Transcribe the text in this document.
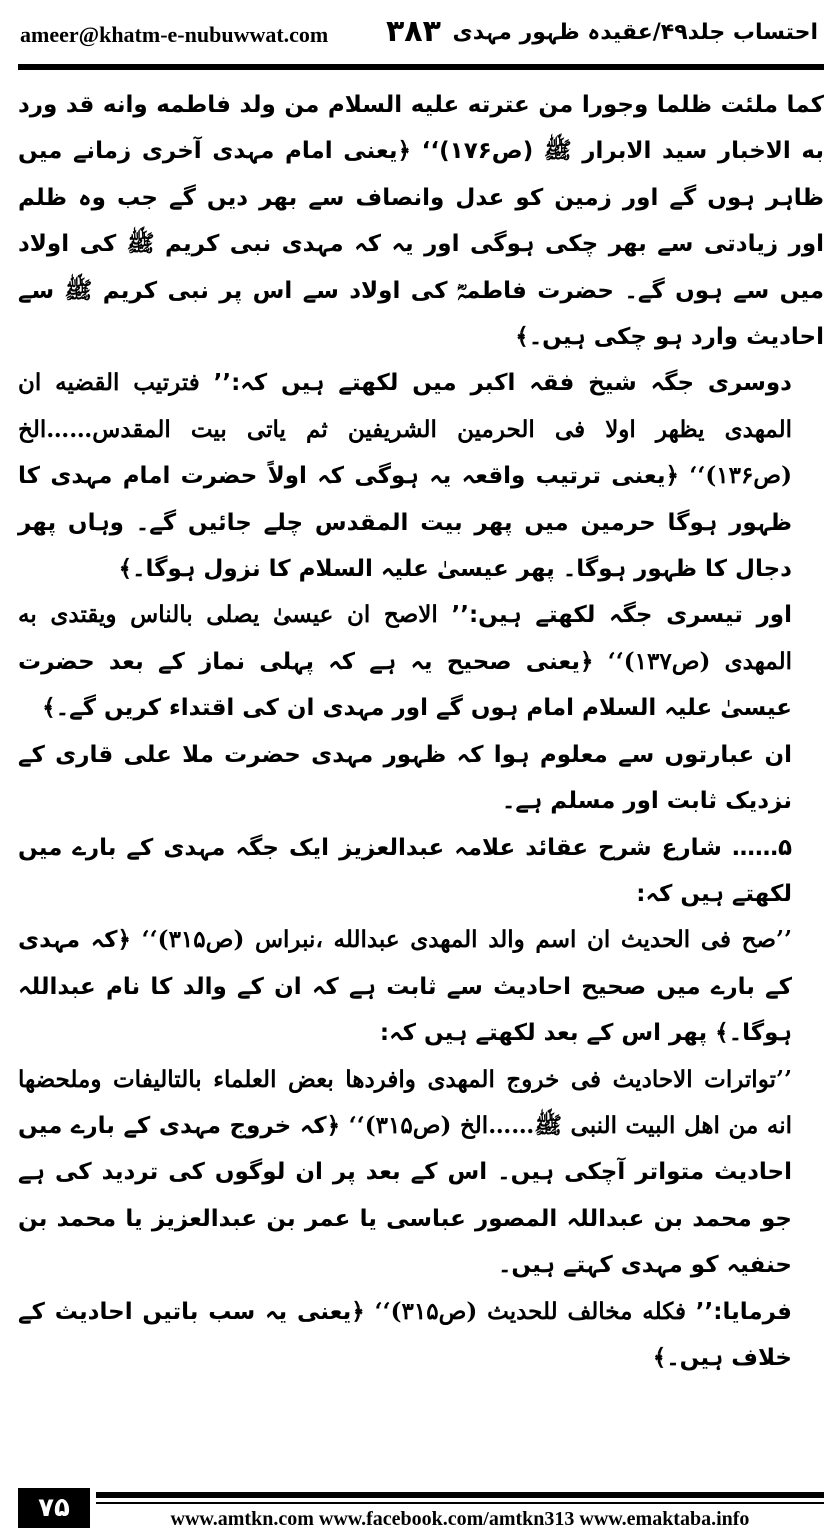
ameer@khatm-e-nubuwwat.com ٣٨٣ احتساب جلد۴۹/عقیدہ ظہور مہدی

کما ملئت ظلما وجورا من عترته علیه السلام من ولد فاطمه وانه قد ورد به الاخبار سید الابرار ﷺ (ص۱۷۶)‘‘ ﴿یعنی امام مہدی آخری زمانے میں ظاہر ہوں گے اور زمین کو عدل وانصاف سے بھر دیں گے جب وہ ظلم اور زیادتی سے بھر چکی ہوگی اور یہ کہ مہدی نبی کریم ﷺ کی اولاد میں سے ہوں گے۔ حضرت فاطمہؓ کی اولاد سے اس پر نبی کریم ﷺ سے احادیث وارد ہو چکی ہیں۔﴾

دوسری جگہ شیخ فقہ اکبر میں لکھتے ہیں کہ:’’ فترتیب القضیه ان المهدی یظهر اولا فی الحرمین الشریفین ثم یاتی بیت المقدس……الخ (ص۱۳۶)‘‘ ﴿یعنی ترتیب واقعہ یہ ہوگی کہ اولاً حضرت امام مہدی کا ظہور ہوگا حرمین میں پھر بیت المقدس چلے جائیں گے۔ وہاں پھر دجال کا ظہور ہوگا۔ پھر عیسیٰ علیہ السلام کا نزول ہوگا۔﴾

اور تیسری جگہ لکھتے ہیں:’’ الاصح ان عیسیٰ یصلی بالناس ویقتدی به المهدی (ص۱۳۷)‘‘ ﴿یعنی صحیح یہ ہے کہ پہلی نماز کے بعد حضرت عیسیٰ علیہ السلام امام ہوں گے اور مہدی ان کی اقتداء کریں گے۔﴾

ان عبارتوں سے معلوم ہوا کہ ظہور مہدی حضرت ملا علی قاری کے نزدیک ثابت اور مسلم ہے۔

۵…… شارع شرح عقائد علامہ عبدالعزیز ایک جگہ مہدی کے بارے میں لکھتے ہیں کہ:

’’صح فی الحدیث ان اسم والد المهدی عبدالله ،نبراس (ص۳۱۵)‘‘ ﴿کہ مہدی کے بارے میں صحیح احادیث سے ثابت ہے کہ ان کے والد کا نام عبداللہ ہوگا۔﴾ پھر اس کے بعد لکھتے ہیں کہ:

’’تواترات الاحادیث فی خروج المهدی وافردها بعض العلماء بالتالیفات وملحضها انه من اهل البیت النبی ﷺ……الخ (ص۳۱۵)‘‘ ﴿کہ خروج مہدی کے بارے میں احادیث متواتر آچکی ہیں۔ اس کے بعد پر ان لوگوں کی تردید کی ہے جو محمد بن عبداللہ المصور عباسی یا عمر بن عبدالعزیز یا محمد بن حنفیہ کو مہدی کہتے ہیں۔

فرمایا:’’ فکله مخالف للحدیث (ص۳۱۵)‘‘ ﴿یعنی یہ سب باتیں احادیث کے خلاف ہیں۔﴾

۷۵	www.amtkn.com www.facebook.com/amtkn313 www.emaktaba.info
